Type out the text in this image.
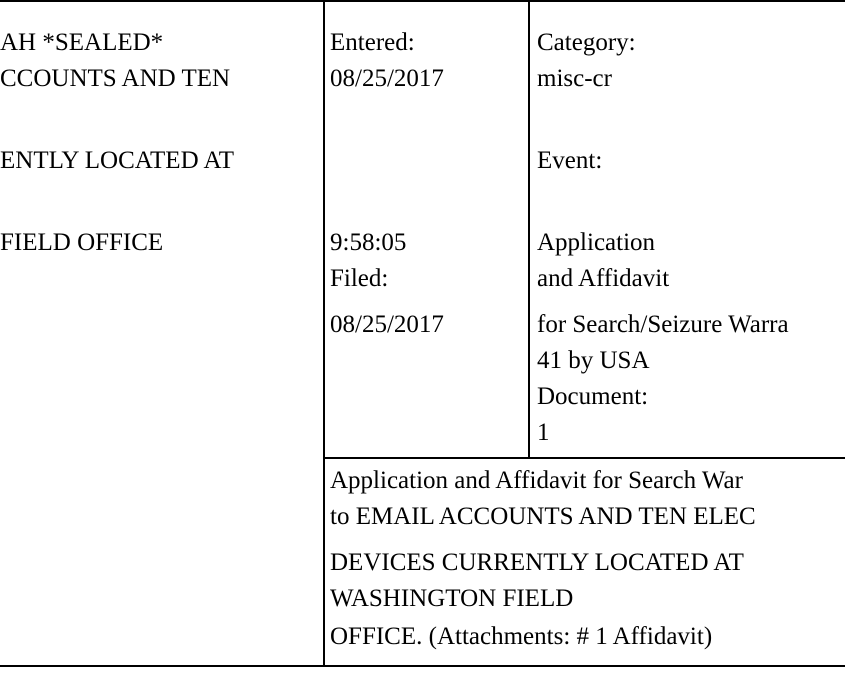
AH *SEALED*
CCOUNTS AND TEN
ENTLY LOCATED AT
FIELD OFFICE
Entered:
08/25/2017
9:58:05
Filed:
08/25/2017
Category:
misc-cr
Event:
Application
and Affidavit
for Search/Seizure Warra
41 by USA
Document:
1
Application and Affidavit for Search War
to EMAIL ACCOUNTS AND TEN ELEC
DEVICES CURRENTLY LOCATED AT
WASHINGTON FIELD
OFFICE. (Attachments: # 1 Affidavit)
